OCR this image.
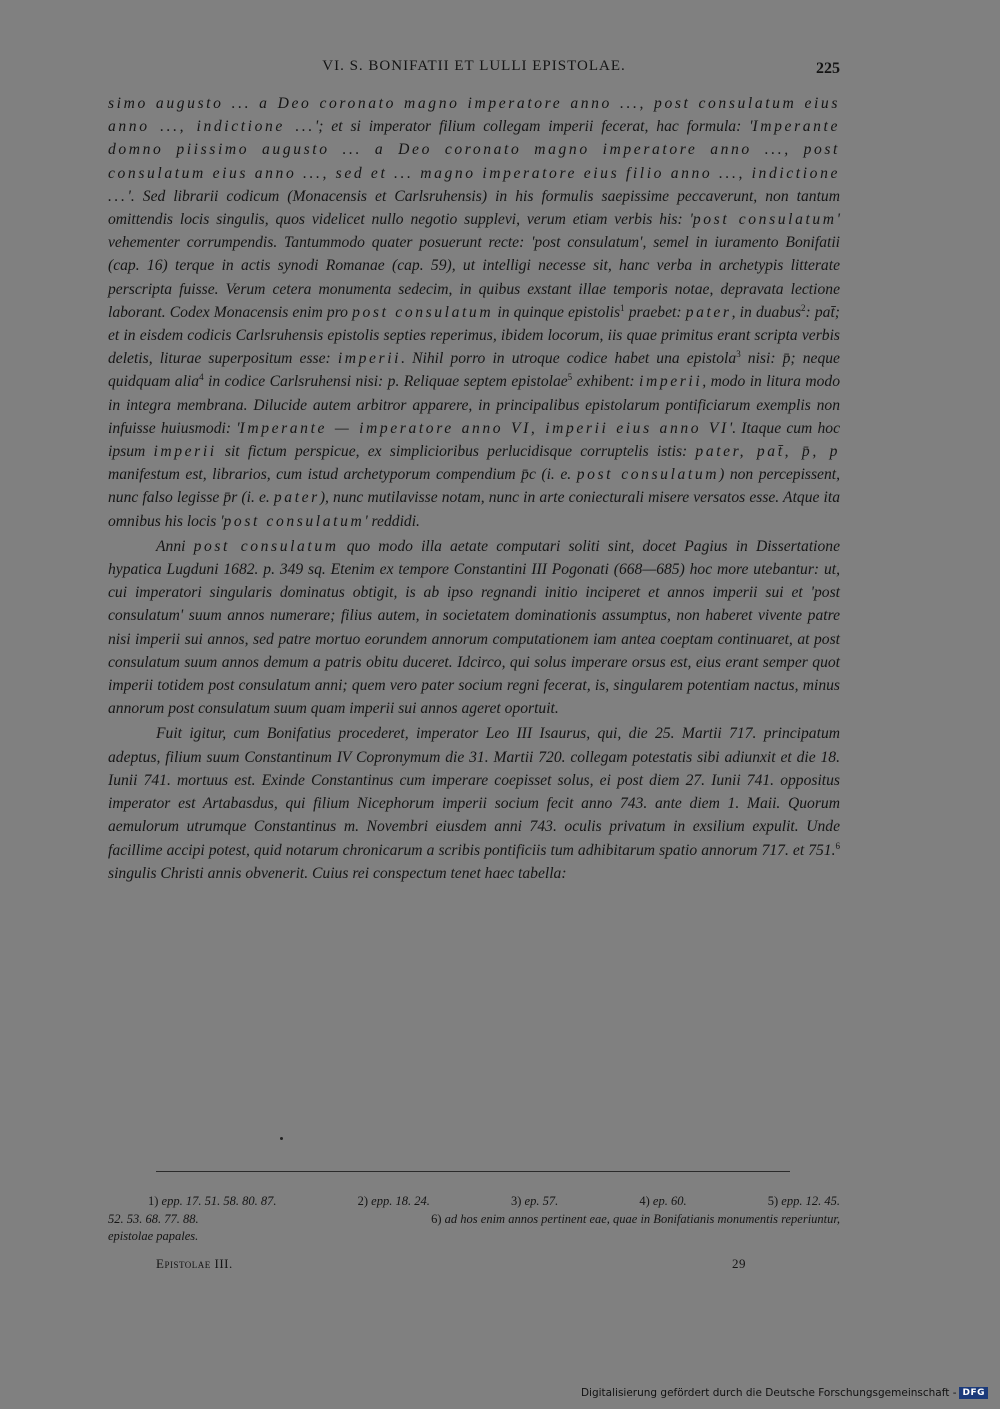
VI. S. BONIFATII ET LULLI EPISTOLAE.	225

simo augusto ... a Deo coronato magno imperatore anno ..., post consulatum eius anno ..., indictione ...'; et si imperator filium collegam imperii fecerat, hac formula: 'Imperante domno piissimo augusto ... a Deo coronato magno imperatore anno ..., post consulatum eius anno ..., sed et ... magno imperatore eius filio anno ..., indictione ...'. Sed librarii codicum (Monacensis et Carlsruhensis) in his formulis saepissime peccaverunt, non tantum omittendis locis singulis, quos videlicet nullo negotio supplevi, verum etiam verbis his: 'post consulatum' vehementer corrumpendis. Tantummodo quater posuerunt recte: 'post consulatum', semel in iuramento Bonifatii (cap. 16) terque in actis synodi Romanae (cap. 59), ut intelligi necesse sit, hanc verba in archetypis litterate perscripta fuisse. Verum cetera monumenta sedecim, in quibus exstant illae temporis notae, depravata lectione laborant. Codex Monacensis enim pro post consulatum in quinque epistolis$^1$ praebet: pater, in duabus$^2$: pat̄; et in eisdem codicis Carlsruhensis epistolis septies reperimus, ibidem locorum, iis quae primitus erant scripta verbis deletis, liturae superpositum esse: imperii. Nihil porro in utroque codice habet una epistola$^3$ nisi: p̄; neque quidquam alia$^4$ in codice Carlsruhensi nisi: p. Reliquae septem epistolae$^5$ exhibent: imperii, modo in litura modo in integra membrana. Dilucide autem arbitror apparere, in principalibus epistolarum pontificiarum exemplis non infuisse huiusmodi: 'Imperante — imperatore anno VI, imperii eius anno VI'. Itaque cum hoc ipsum imperii sit fictum perspicue, ex simplicioribus perlucidisque corruptelis istis: pater, pat̄, p̄, p manifestum est, librarios, cum istud archetyporum compendium p̄c (i. e. post consulatum) non percepissent, nunc falso legisse p̄r (i. e. pater), nunc mutilavisse notam, nunc in arte coniecturali misere versatos esse. Atque ita omnibus his locis 'post consulatum' reddidi.

Anni post consulatum quo modo illa aetate computari soliti sint, docet Pagius in Dissertatione hypatica Lugduni 1682. p. 349 sq. Etenim ex tempore Constantini III Pogonati (668—685) hoc more utebantur: ut, cui imperatori singularis dominatus obtigit, is ab ipso regnandi initio inciperet et annos imperii sui et 'post consulatum' suum annos numerare; filius autem, in societatem dominationis assumptus, non haberet vivente patre nisi imperii sui annos, sed patre mortuo eorundem annorum computationem iam antea coeptam continuaret, at post consulatum suum annos demum a patris obitu duceret. Idcirco, qui solus imperare orsus est, eius erant semper quot imperii totidem post consulatum anni; quem vero pater socium regni fecerat, is, singularem potentiam nactus, minus annorum post consulatum suum quam imperii sui annos ageret oportuit.

Fuit igitur, cum Bonifatius procederet, imperator Leo III Isaurus, qui, die 25. Martii 717. principatum adeptus, filium suum Constantinum IV Copronymum die 31. Martii 720. collegam potestatis sibi adiunxit et die 18. Iunii 741. mortuus est. Exinde Constantinus cum imperare coepisset solus, ei post diem 27. Iunii 741. oppositus imperator est Artabasdus, qui filium Nicephorum imperii socium fecit anno 743. ante diem 1. Maii. Quorum aemulorum utrumque Constantinus m. Novembri eiusdem anni 743. oculis privatum in exsilium expulit. Unde facillime accipi potest, quid notarum chronicarum a scribis pontificiis tum adhibitarum spatio annorum 717. et 751.$^6$ singulis Christi annis obvenerit. Cuius rei conspectum tenet haec tabella:

1) epp. 17. 51. 58. 80. 87.	2) epp. 18. 24.	3) ep. 57.	4) ep. 60.	5) epp. 12. 45.
52. 53. 68. 77. 88.	6) ad hos enim annos pertinent eae, quae in Bonifatianis monumentis reperiuntur,
epistolae papales.
Epistolae III.	29
Digitalisierung gefördert durch die Deutsche Forschungsgemeinschaft - DFG
